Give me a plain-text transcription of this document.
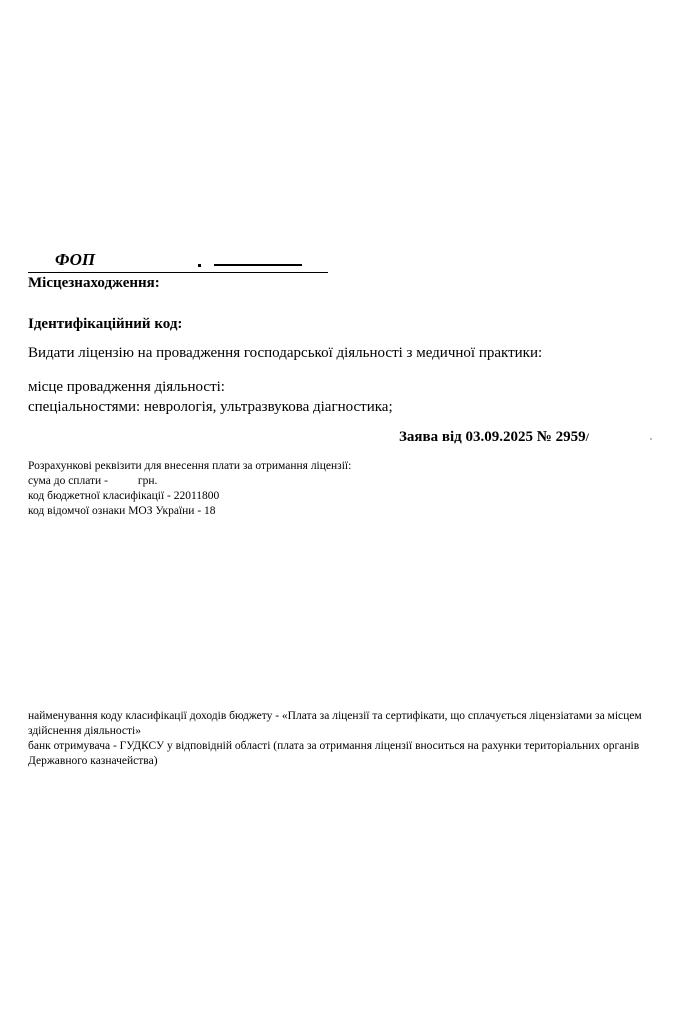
ФОП
Місцезнаходження:
Ідентифікаційний код:
Видати ліцензію на провадження господарської діяльності з медичної практики:
місце провадження діяльності:
спеціальностями: неврологія, ультразвукова діагностика;
Заява від 03.09.2025 № 2959/
Розрахункові реквізити для внесення плати за отримання ліцензії:
сума до сплати -	грн.
код бюджетної класифікації - 22011800
код відомчої ознаки МОЗ України - 18
найменування коду класифікації доходів бюджету - «Плата за ліцензії та сертифікати, що сплачується ліцензіатами за місцем здійснення діяльності»
банк отримувача - ГУДКСУ у відповідній області (плата за отримання ліцензії вноситься на рахунки територіальних органів Державного казначейства)
